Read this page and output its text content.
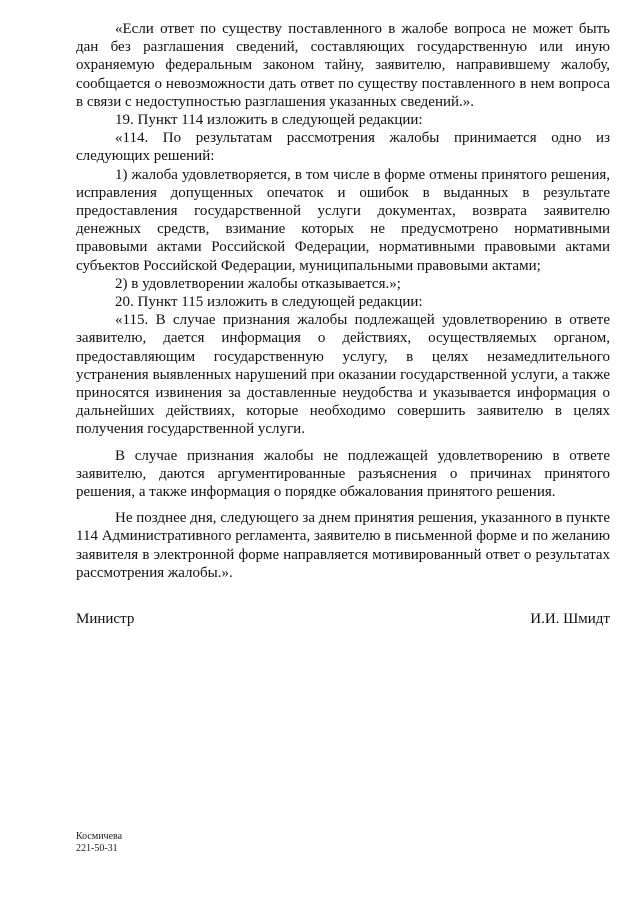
«Если ответ по существу поставленного в жалобе вопроса не может быть дан без разглашения сведений, составляющих государственную или иную охраняемую федеральным законом тайну, заявителю, направившему жалобу, сообщается о невозможности дать ответ по существу поставленного в нем вопроса в связи с недоступностью разглашения указанных сведений.».

19. Пункт 114 изложить в следующей редакции:

«114. По результатам рассмотрения жалобы принимается одно из следующих решений:

1) жалоба удовлетворяется, в том числе в форме отмены принятого решения, исправления допущенных опечаток и ошибок в выданных в результате предоставления государственной услуги документах, возврата заявителю денежных средств, взимание которых не предусмотрено нормативными правовыми актами Российской Федерации, нормативными правовыми актами субъектов Российской Федерации, муниципальными правовыми актами;

2) в удовлетворении жалобы отказывается.»;

20. Пункт 115 изложить в следующей редакции:

«115. В случае признания жалобы подлежащей удовлетворению в ответе заявителю, дается информация о действиях, осуществляемых органом, предоставляющим государственную услугу, в целях незамедлительного устранения выявленных нарушений при оказании государственной услуги, а также приносятся извинения за доставленные неудобства и указывается информация о дальнейших действиях, которые необходимо совершить заявителю в целях получения государственной услуги.

В случае признания жалобы не подлежащей удовлетворению в ответе заявителю, даются аргументированные разъяснения о причинах принятого решения, а также информация о порядке обжалования принятого решения.

Не позднее дня, следующего за днем принятия решения, указанного в пункте 114 Административного регламента, заявителю в письменной форме и по желанию заявителя в электронной форме направляется мотивированный ответ о результатах рассмотрения жалобы.».

Министр	И.И. Шмидт
Космичева
221-50-31
